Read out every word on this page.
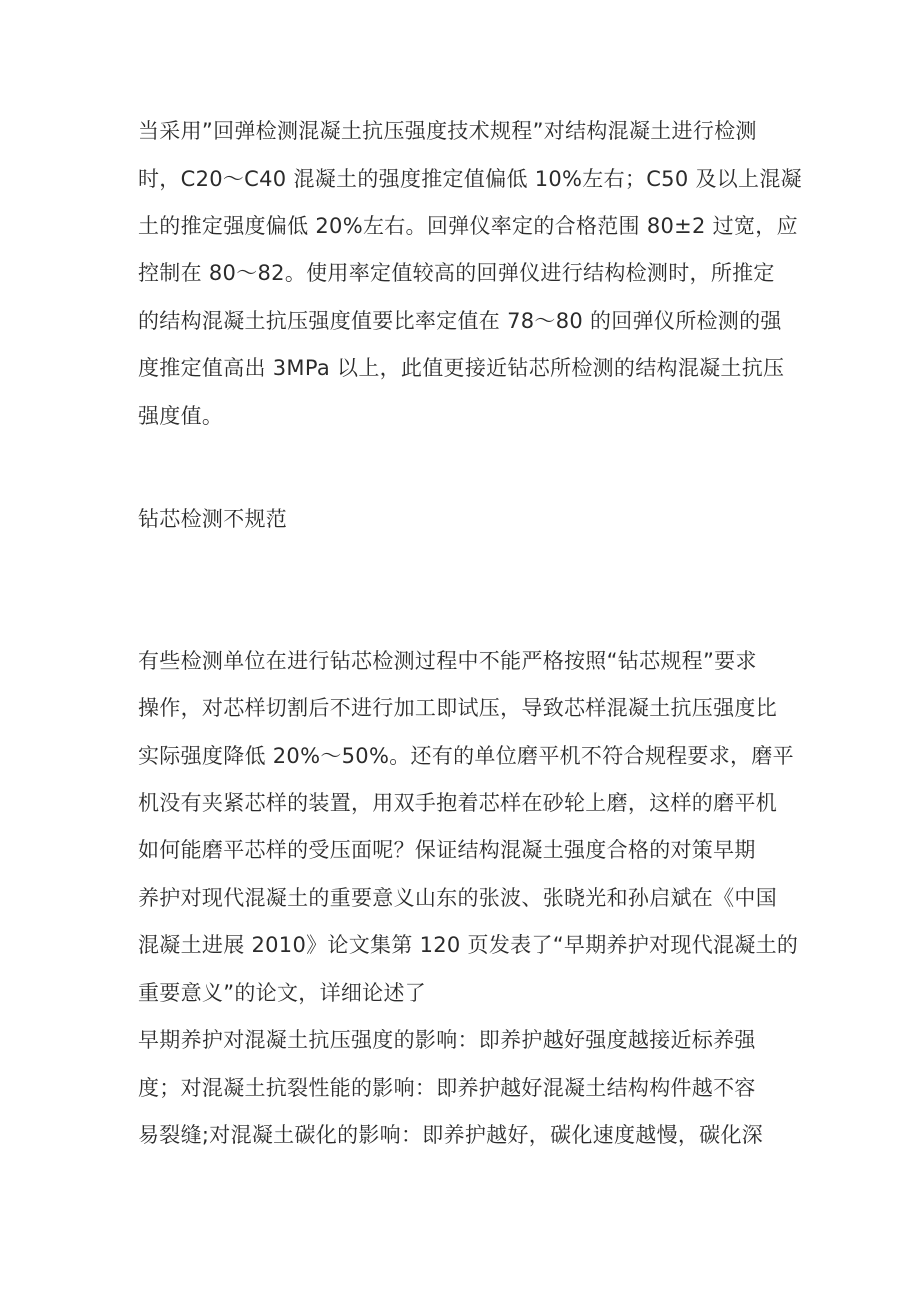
当采用”回弹检测混凝土抗压强度技术规程”对结构混凝土进行检测
时，C20～C40 混凝土的强度推定值偏低 10%左右；C50 及以上混凝
土的推定强度偏低 20%左右。回弹仪率定的合格范围 80±2 过宽，应
控制在 80～82。使用率定值较高的回弹仪进行结构检测时，所推定
的结构混凝土抗压强度值要比率定值在 78～80 的回弹仪所检测的强
度推定值高出 3MPa 以上，此值更接近钻芯所检测的结构混凝土抗压
强度值。
钻芯检测不规范
有些检测单位在进行钻芯检测过程中不能严格按照“钻芯规程”要求
操作，对芯样切割后不进行加工即试压，导致芯样混凝土抗压强度比
实际强度降低 20%～50%。还有的单位磨平机不符合规程要求，磨平
机没有夹紧芯样的装置，用双手抱着芯样在砂轮上磨，这样的磨平机
如何能磨平芯样的受压面呢？保证结构混凝土强度合格的对策早期
养护对现代混凝土的重要意义山东的张波、张晓光和孙启斌在《中国
混凝土进展 2010》论文集第 120 页发表了“早期养护对现代混凝土的
重要意义”的论文，详细论述了
早期养护对混凝土抗压强度的影响：即养护越好强度越接近标养强
度；对混凝土抗裂性能的影响：即养护越好混凝土结构构件越不容
易裂缝;对混凝土碳化的影响：即养护越好，碳化速度越慢，碳化深
